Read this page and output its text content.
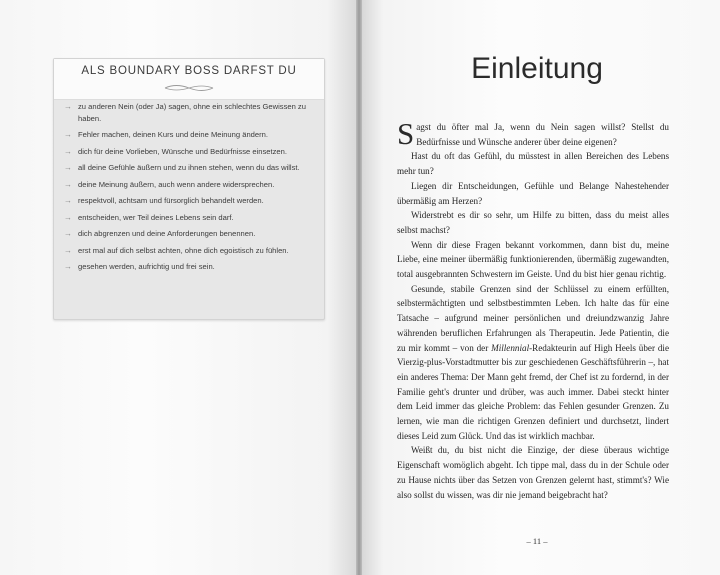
ALS BOUNDARY BOSS DARFST DU
→ zu anderen Nein (oder Ja) sagen, ohne ein schlechtes Gewissen zu haben.
→ Fehler machen, deinen Kurs und deine Meinung ändern.
→ dich für deine Vorlieben, Wünsche und Bedürfnisse einsetzen.
→ all deine Gefühle äußern und zu ihnen stehen, wenn du das willst.
→ deine Meinung äußern, auch wenn andere widersprechen.
→ respektvoll, achtsam und fürsorglich behandelt werden.
→ entscheiden, wer Teil deines Lebens sein darf.
→ dich abgrenzen und deine Anforderungen benennen.
→ erst mal auf dich selbst achten, ohne dich egoistisch zu fühlen.
→ gesehen werden, aufrichtig und frei sein.
Einleitung

Sagst du öfter mal Ja, wenn du Nein sagen willst? Stellst du Bedürfnisse und Wünsche anderer über deine eigenen?

Hast du oft das Gefühl, du müsstest in allen Bereichen des Lebens mehr tun?

Liegen dir Entscheidungen, Gefühle und Belange Nahestehender übermäßig am Herzen?

Widerstrebt es dir so sehr, um Hilfe zu bitten, dass du meist alles selbst machst?

Wenn dir diese Fragen bekannt vorkommen, dann bist du, meine Liebe, eine meiner übermäßig funktionierenden, übermäßig zugewandten, total ausgebrannten Schwestern im Geiste. Und du bist hier genau richtig.

Gesunde, stabile Grenzen sind der Schlüssel zu einem erfüllten, selbstermächtigten und selbstbestimmten Leben. Ich halte das für eine Tatsache – aufgrund meiner persönlichen und dreiundzwanzig Jahre währenden beruflichen Erfahrungen als Therapeutin. Jede Patientin, die zu mir kommt – von der Millennial-Redakteurin auf High Heels über die Vierzig-plus-Vorstadtmutter bis zur geschiedenen Geschäftsführerin –, hat ein anderes Thema: Der Mann geht fremd, der Chef ist zu fordernd, in der Familie geht's drunter und drüber, was auch immer. Dabei steckt hinter dem Leid immer das gleiche Problem: das Fehlen gesunder Grenzen. Zu lernen, wie man die richtigen Grenzen definiert und durchsetzt, lindert dieses Leid zum Glück. Und das ist wirklich machbar.

Weißt du, du bist nicht die Einzige, der diese überaus wichtige Eigenschaft womöglich abgeht. Ich tippe mal, dass du in der Schule oder zu Hause nichts über das Setzen von Grenzen gelernt hast, stimmt's? Wie also sollst du wissen, was dir nie jemand beigebracht hat?

– 11 –
